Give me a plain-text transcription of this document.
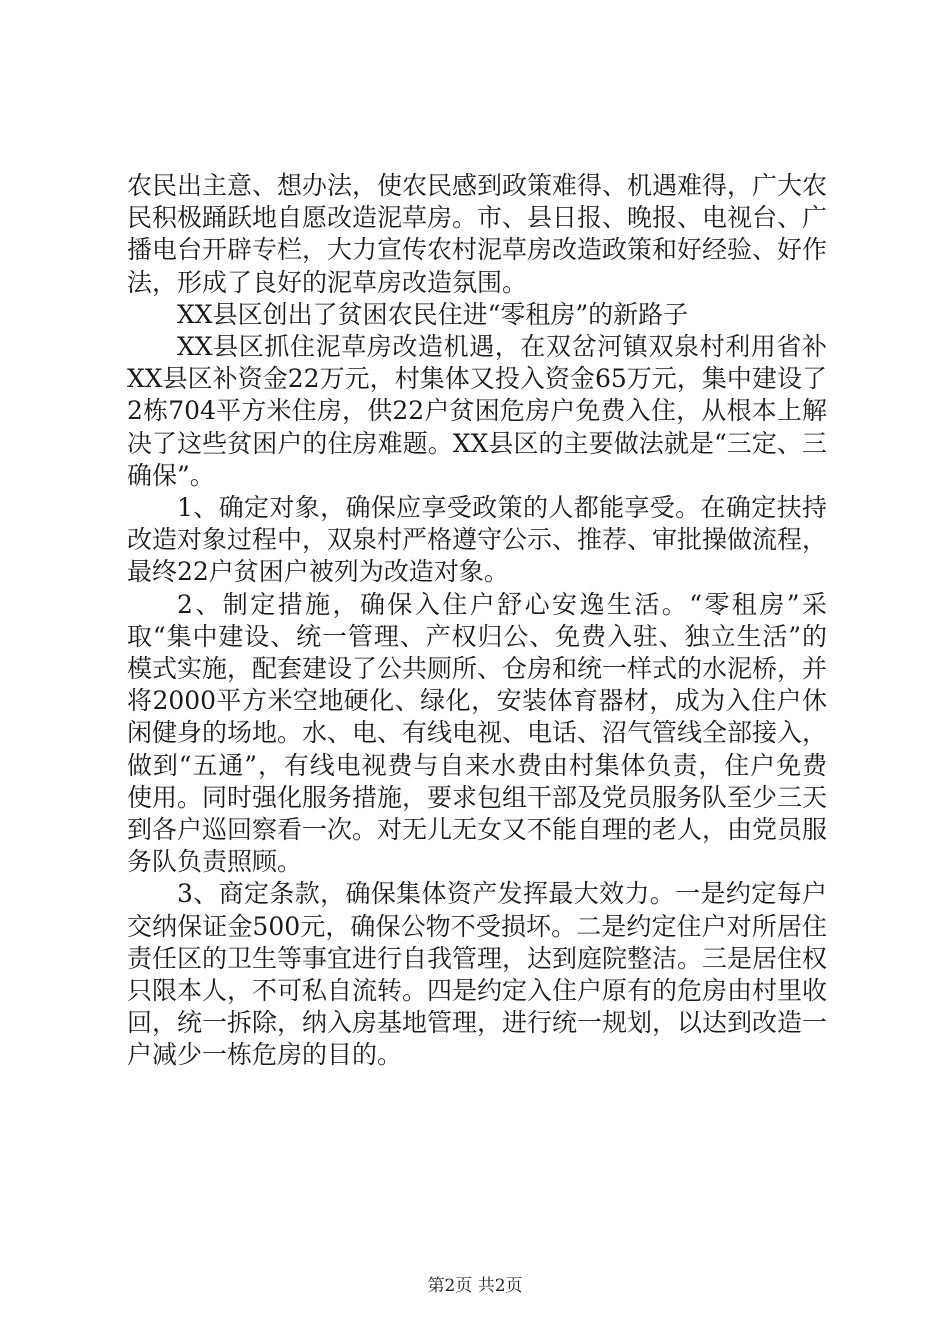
农民出主意、想办法，使农民感到政策难得、机遇难得，广大农民积极踊跃地自愿改造泥草房。市、县日报、晚报、电视台、广播电台开辟专栏，大力宣传农村泥草房改造政策和好经验、好作法，形成了良好的泥草房改造氛围。

XX县区创出了贫困农民住进“零租房”的新路子

XX县区抓住泥草房改造机遇，在双岔河镇双泉村利用省补XX县区补资金22万元，村集体又投入资金65万元，集中建设了2栋704平方米住房，供22户贫困危房户免费入住，从根本上解决了这些贫困户的住房难题。XX县区的主要做法就是“三定、三确保”。

1、确定对象，确保应享受政策的人都能享受。在确定扶持改造对象过程中，双泉村严格遵守公示、推荐、审批操做流程，最终22户贫困户被列为改造对象。

2、制定措施，确保入住户舒心安逸生活。“零租房”采取“集中建设、统一管理、产权归公、免费入驻、独立生活”的模式实施，配套建设了公共厕所、仓房和统一样式的水泥桥，并将2000平方米空地硬化、绿化，安装体育器材，成为入住户休闲健身的场地。水、电、有线电视、电话、沼气管线全部接入，做到“五通”，有线电视费与自来水费由村集体负责，住户免费使用。同时强化服务措施，要求包组干部及党员服务队至少三天到各户巡回察看一次。对无儿无女又不能自理的老人，由党员服务队负责照顾。

3、商定条款，确保集体资产发挥最大效力。一是约定每户交纳保证金500元，确保公物不受损坏。二是约定住户对所居住责任区的卫生等事宜进行自我管理，达到庭院整洁。三是居住权只限本人，不可私自流转。四是约定入住户原有的危房由村里收回，统一拆除，纳入房基地管理，进行统一规划，以达到改造一户减少一栋危房的目的。

第2页 共2页
